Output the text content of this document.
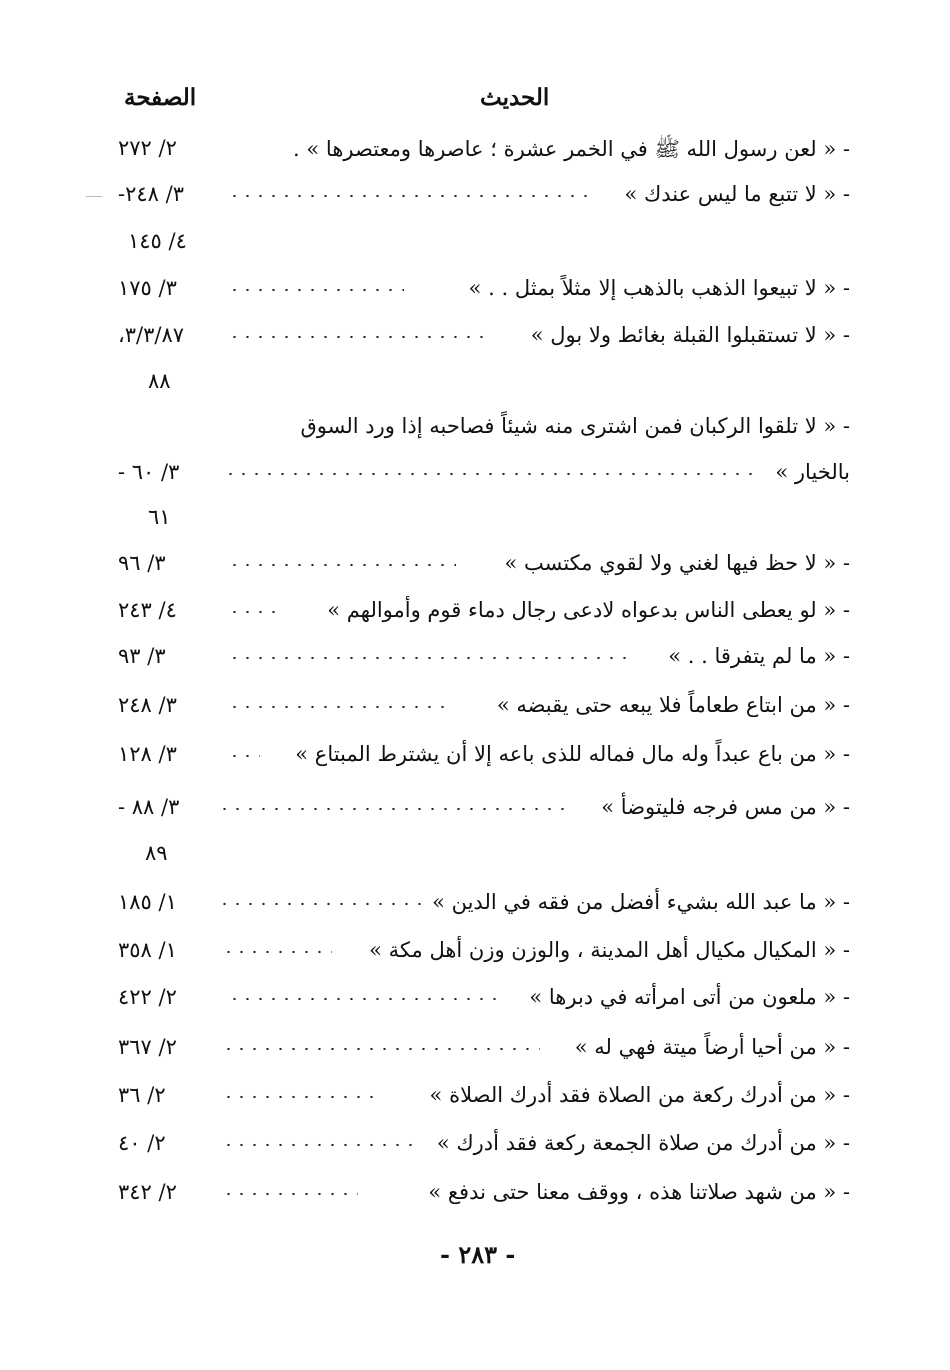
الحديث
الصفحة
- « لعن رسول الله ﷺ في الخمر عشرة ؛ عاصرها ومعتصرها » .
٢/ ٢٧٢
- « لا تتبع ما ليس عندك »
٣/ ٢٤٨-
٤/ ١٤٥
- « لا تبيعوا الذهب بالذهب إلا مثلاً بمثل . . »
٣/ ١٧٥
- « لا تستقبلوا القبلة بغائط ولا بول »
٣/٣/٨٧،
٨٨
- « لا تلقوا الركبان فمن اشترى منه شيئاً فصاحبه إذا ورد السوق
بالخيار »
٣/ ٦٠ -
٦١
- « لا حظ فيها لغني ولا لقوي مكتسب »
٣/ ٩٦
- « لو يعطى الناس بدعواه لادعى رجال دماء قوم وأموالهم »
٤/ ٢٤٣
- « ما لم يتفرقا . . »
٣/ ٩٣
- « من ابتاع طعاماً فلا يبعه حتى يقبضه »
٣/ ٢٤٨
- « من باع عبداً وله مال فماله للذى باعه إلا أن يشترط المبتاع »
٣/ ١٢٨
- « من مس فرجه فليتوضأ »
٣/ ٨٨ -
٨٩
- « ما عبد الله بشيء أفضل من فقه في الدين »
١/ ١٨٥
- « المكيال مكيال أهل المدينة ، والوزن وزن أهل مكة »
١/ ٣٥٨
- « ملعون من أتى امرأته في دبرها »
٢/ ٤٢٢
- « من أحيا أرضاً ميتة فهي له »
٢/ ٣٦٧
- « من أدرك ركعة من الصلاة فقد أدرك الصلاة »
٢/ ٣٦
- « من أدرك من صلاة الجمعة ركعة فقد أدرك »
٢/ ٤٠
- « من شهد صلاتنا هذه ، ووقف معنا حتى ندفع »
٢/ ٣٤٢
- ٢٨٣ -
